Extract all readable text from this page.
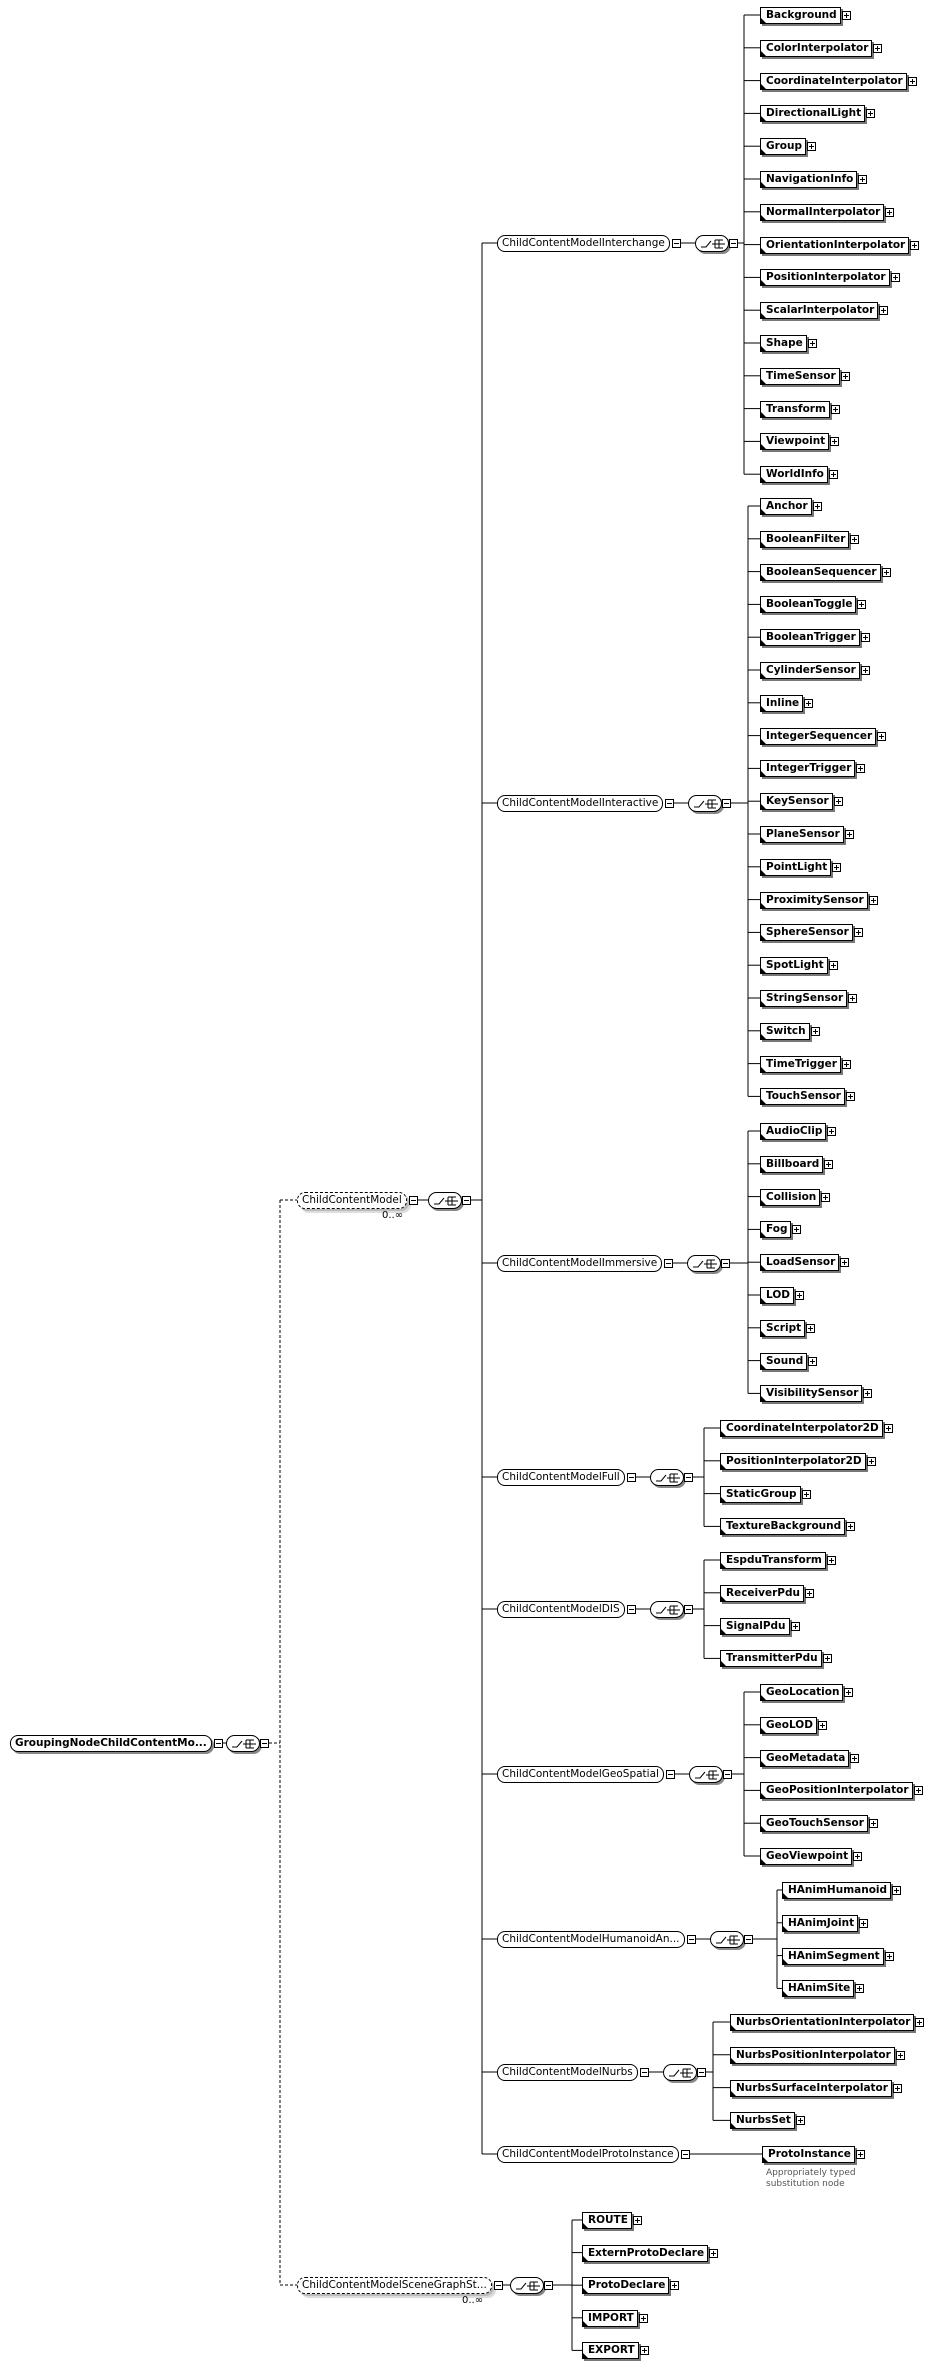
GroupingNodeChildContentMo...
ChildContentModel
0..∞
ChildContentModelInterchange
Background
ColorInterpolator
CoordinateInterpolator
DirectionalLight
Group
NavigationInfo
NormalInterpolator
OrientationInterpolator
PositionInterpolator
ScalarInterpolator
Shape
TimeSensor
Transform
Viewpoint
WorldInfo
ChildContentModelInteractive
Anchor
BooleanFilter
BooleanSequencer
BooleanToggle
BooleanTrigger
CylinderSensor
Inline
IntegerSequencer
IntegerTrigger
KeySensor
PlaneSensor
PointLight
ProximitySensor
SphereSensor
SpotLight
StringSensor
Switch
TimeTrigger
TouchSensor
ChildContentModelImmersive
AudioClip
Billboard
Collision
Fog
LoadSensor
LOD
Script
Sound
VisibilitySensor
ChildContentModelFull
CoordinateInterpolator2D
PositionInterpolator2D
StaticGroup
TextureBackground
ChildContentModelDIS
EspduTransform
ReceiverPdu
SignalPdu
TransmitterPdu
ChildContentModelGeoSpatial
GeoLocation
GeoLOD
GeoMetadata
GeoPositionInterpolator
GeoTouchSensor
GeoViewpoint
ChildContentModelHumanoidAn...
HAnimHumanoid
HAnimJoint
HAnimSegment
HAnimSite
ChildContentModelNurbs
NurbsOrientationInterpolator
NurbsPositionInterpolator
NurbsSurfaceInterpolator
NurbsSet
ChildContentModelProtoInstance	ProtoInstance
Appropriately typed
substitution node
ChildContentModelSceneGraphSt...
0..∞
ROUTE
ExternProtoDeclare
ProtoDeclare
IMPORT
EXPORT
